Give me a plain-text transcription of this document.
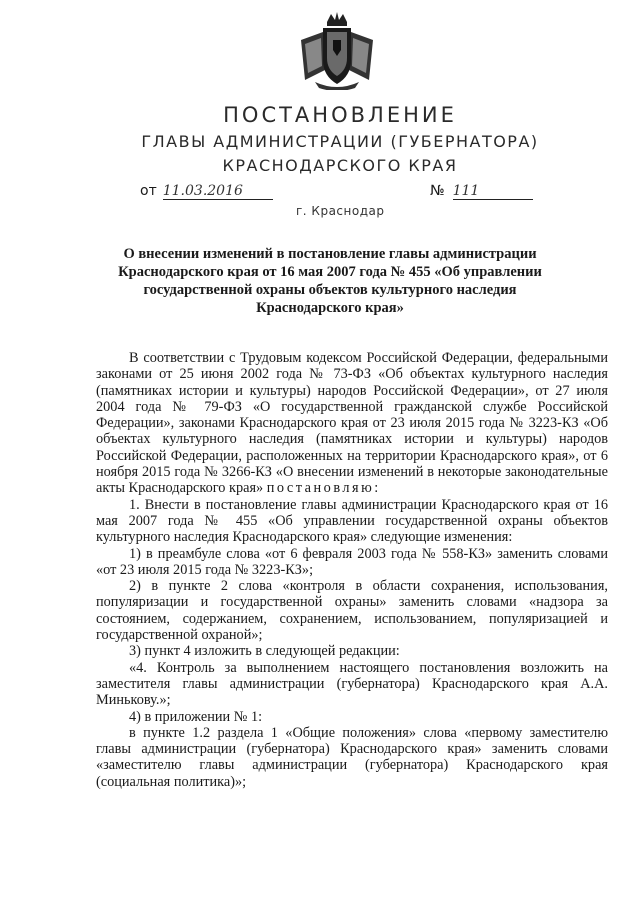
ПОСТАНОВЛЕНИЕ
ГЛАВЫ АДМИНИСТРАЦИИ (ГУБЕРНАТОРА)
КРАСНОДАРСКОГО КРАЯ
от 11.03.2016	№ 111
г. Краснодар
О внесении изменений в постановление главы администрации Краснодарского края от 16 мая 2007 года № 455 «Об управлении государственной охраны объектов культурного наследия Краснодарского края»

В соответствии с Трудовым кодексом Российской Федерации, федеральными законами от 25 июня 2002 года № 73-ФЗ «Об объектах культурного наследия (памятниках истории и культуры) народов Российской Федерации», от 27 июля 2004 года № 79-ФЗ «О государственной гражданской службе Российской Федерации», законами Краснодарского края от 23 июля 2015 года № 3223-КЗ «Об объектах культурного наследия (памятниках истории и культуры) народов Российской Федерации, расположенных на территории Краснодарского края», от 6 ноября 2015 года № 3266-КЗ «О внесении изменений в некоторые законодательные акты Краснодарского края» постановляю:

1. Внести в постановление главы администрации Краснодарского края от 16 мая 2007 года № 455 «Об управлении государственной охраны объектов культурного наследия Краснодарского края» следующие изменения:

1) в преамбуле слова «от 6 февраля 2003 года № 558-КЗ» заменить словами «от 23 июля 2015 года № 3223-КЗ»;

2) в пункте 2 слова «контроля в области сохранения, использования, популяризации и государственной охраны» заменить словами «надзора за состоянием, содержанием, сохранением, использованием, популяризацией и государственной охраной»;

3) пункт 4 изложить в следующей редакции:

«4. Контроль за выполнением настоящего постановления возложить на заместителя главы администрации (губернатора) Краснодарского края А.А. Минькову.»;

4) в приложении № 1:

в пункте 1.2 раздела 1 «Общие положения» слова «первому заместителю главы администрации (губернатора) Краснодарского края» заменить словами «заместителю главы администрации (губернатора) Краснодарского края (социальная политика)»;
